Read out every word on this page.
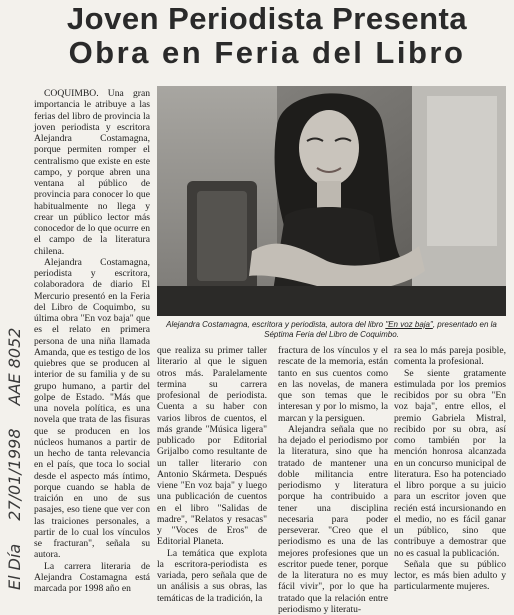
El Día 27/01/1998 AAE 8052
Joven Periodista Presenta
Obra en Feria del Libro

COQUIMBO. Una gran importancia le atribuye a las ferias del libro de provincia la joven periodista y escritora Alejandra Costamagna, porque permiten romper el centralismo que existe en este campo, y porque abren una ventana al público de provincia para conocer lo que habitualmente no llega y crear un público lector más conocedor de lo que ocurre en el campo de la literatura chilena.

Alejandra Costamagna, periodista y escritora, colaboradora de diario El Mercurio presentó en la Feria del Libro de Coquimbo, su última obra "En voz baja" que es el relato en primera persona de una niña llamada Amanda, que es testigo de los quiebres que se producen al interior de su familia y de su grupo humano, a partir del golpe de Estado. "Más que una novela política, es una novela que trata de las fisuras que se producen en los núcleos humanos a partir de un hecho de tanta relevancia en el país, que toca lo social desde el aspecto más íntimo, porque cuando se habla de traición en uno de sus pasajes, eso tiene que ver con las traiciones personales, a partir de lo cual los vínculos se fracturan", señala su autora.

La carrera literaria de Alejandra Costamagna está marcada por 1998 año en

Alejandra Costamagna, escritora y periodista, autora del libro "En voz baja", presentado en la Séptima Feria del Libro de Coquimbo.

que realiza su primer taller literario al que le siguen otros más. Paralelamente termina su carrera profesional de periodista. Cuenta a su haber con varios libros de cuentos, el más grande "Música ligera" publicado por Editorial Grijalbo como resultante de un taller literario con Antonio Skármeta. Después viene "En voz baja" y luego una publicación de cuentos en el libro "Salidas de madre", "Relatos y resacas" y "Voces de Eros" de Editorial Planeta.

La temática que explota la escritora-periodista es variada, pero señala que de un análisis a sus obras, las temáticas de la tradición, la

fractura de los vínculos y el rescate de la memoria, están tanto en sus cuentos como en las novelas, de manera que son temas que le interesan y por lo mismo, la marcan y la persiguen.

Alejandra señala que no ha dejado el periodismo por la literatura, sino que ha tratado de mantener una doble militancia entre periodismo y literatura porque ha contribuido a tener una disciplina necesaria para poder perseverar. "Creo que el periodismo es una de las mejores profesiones que un escritor puede tener, porque de la literatura no es muy fácil vivir", por lo que ha tratado que la relación entre periodismo y literatu-

ra sea lo más pareja posible, comenta la profesional.

Se siente gratamente estimulada por los premios recibidos por su obra "En voz baja", entre ellos, el premio Gabriela Mistral, recibido por su obra, así como también por la mención honrosa alcanzada en un concurso municipal de literatura. Eso ha potenciado el libro porque a su juicio para un escritor joven que recién está incursionando en el medio, no es fácil ganar un público, sino que contribuye a demostrar que no es casual la publicación.

Señala que su público lector, es más bien adulto y particularmente mujeres.
